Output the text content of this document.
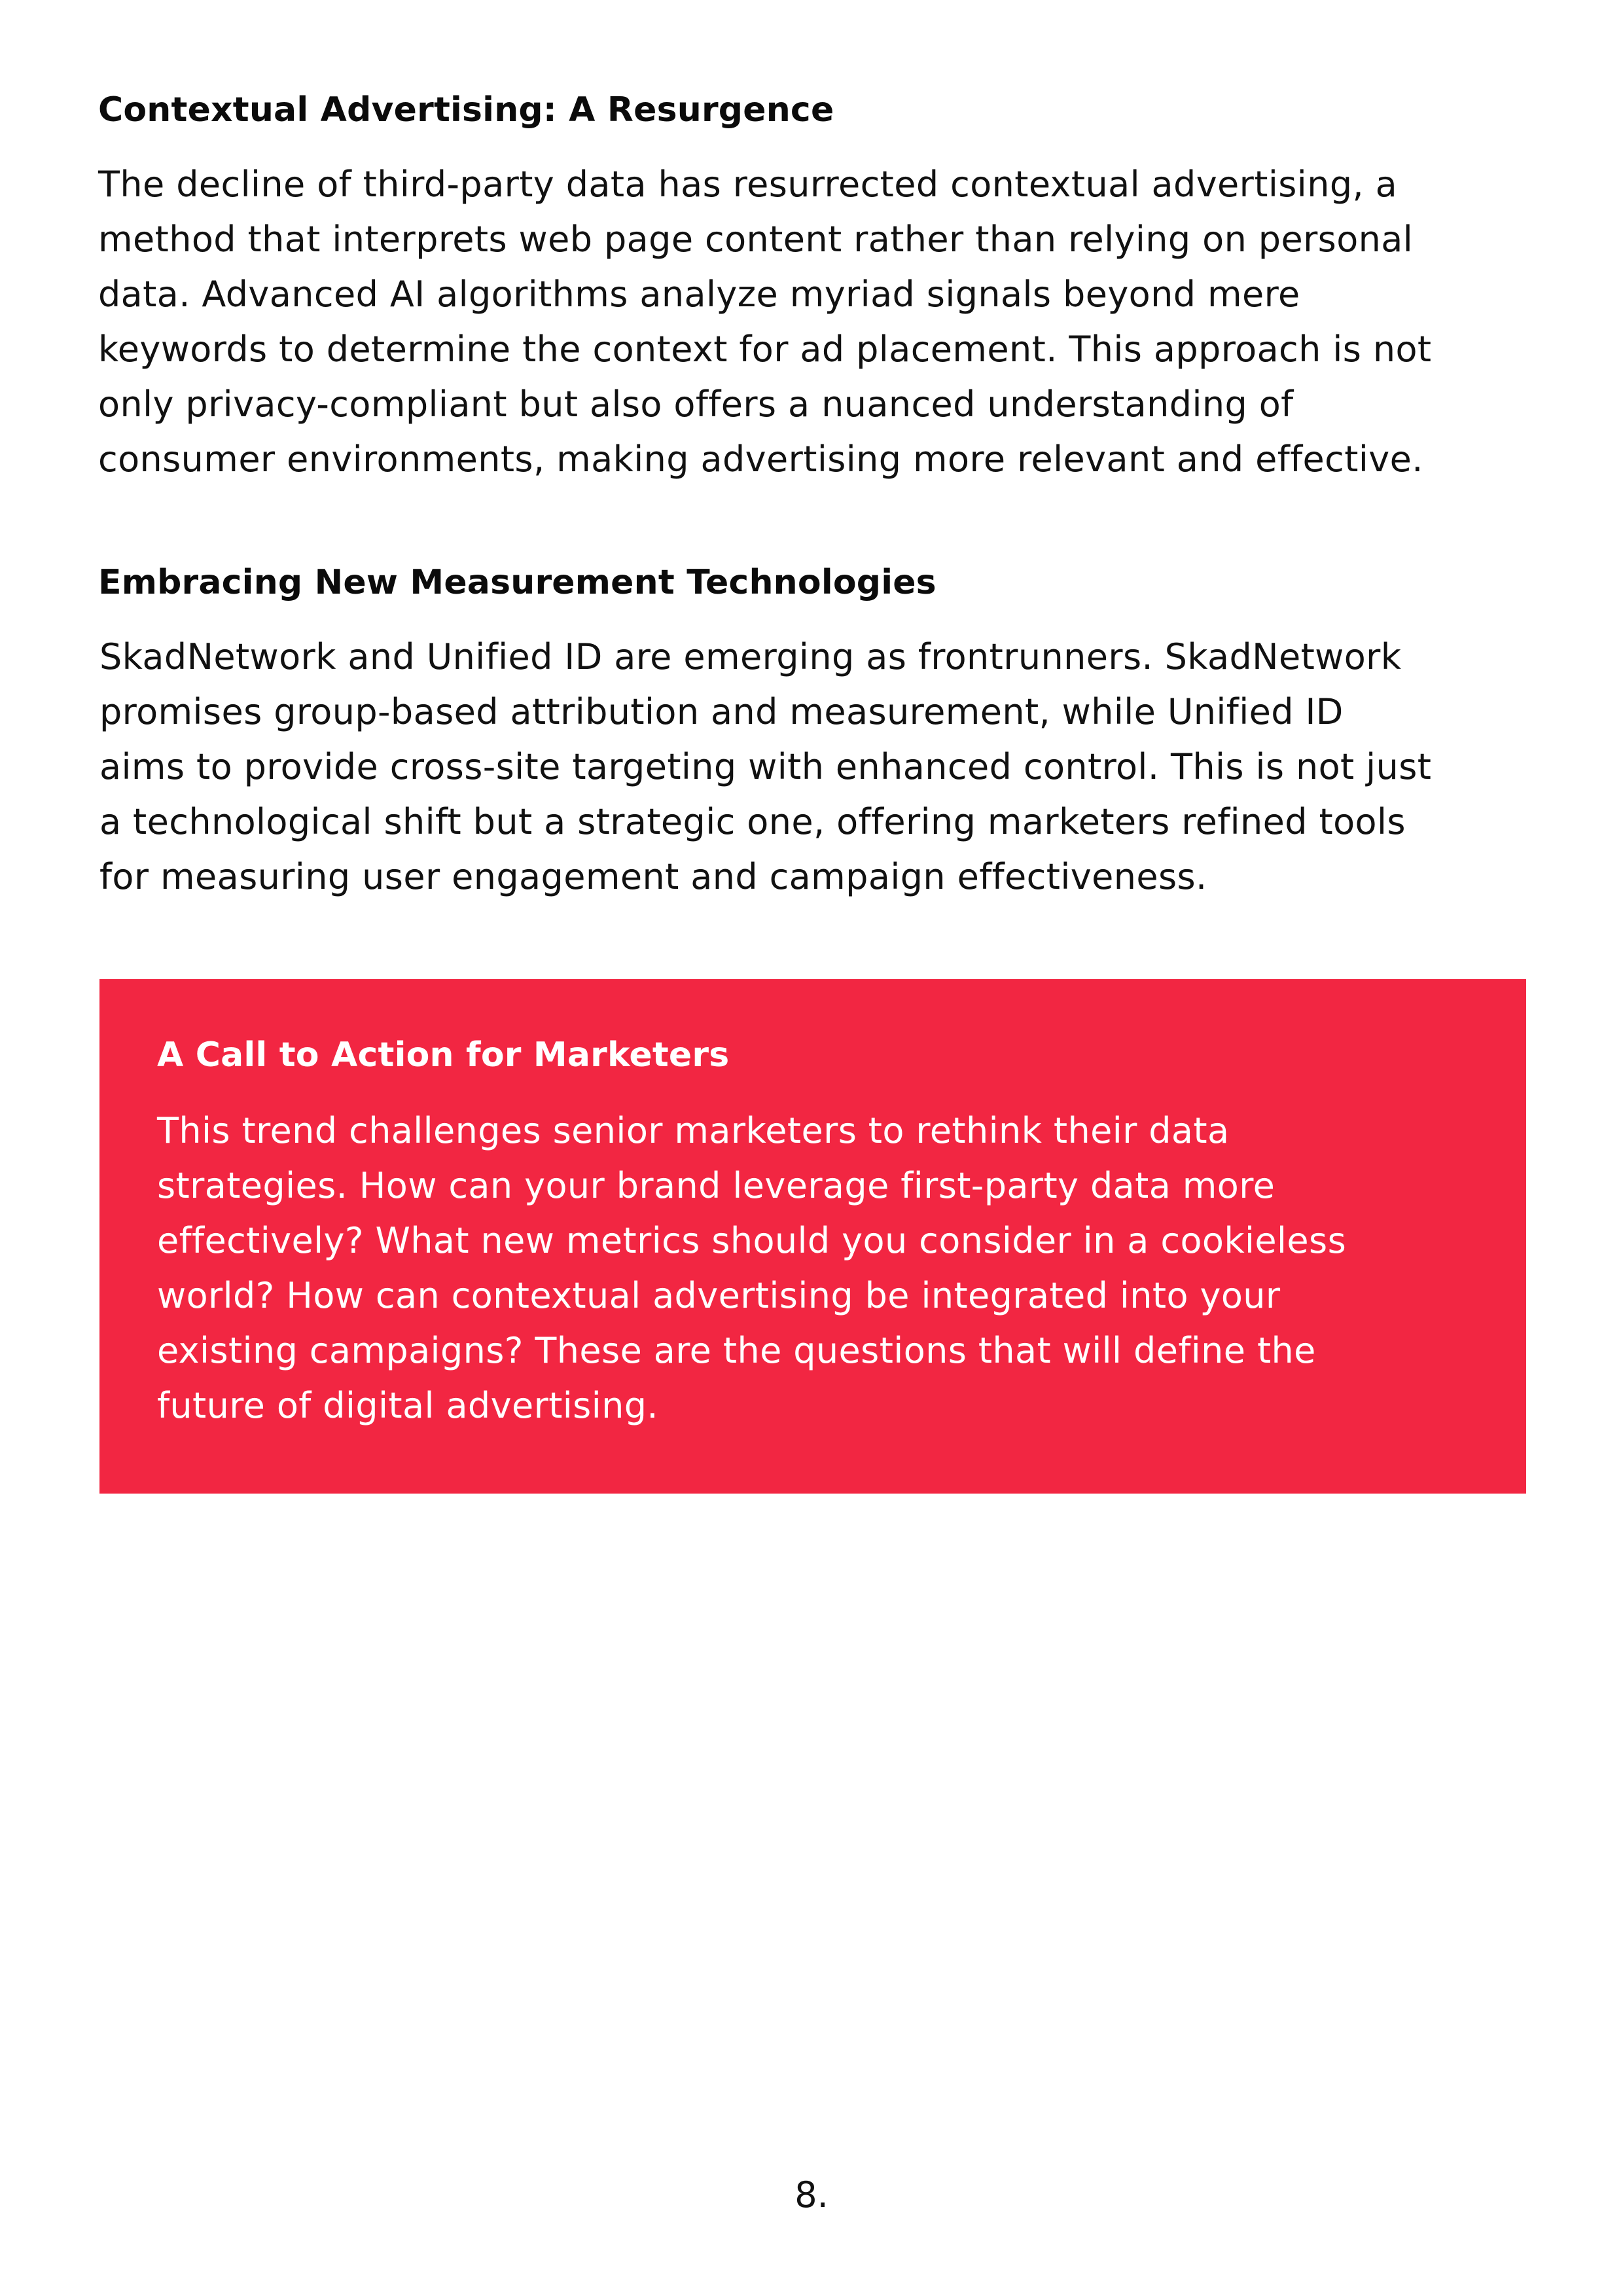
Contextual Advertising: A Resurgence
The decline of third-party data has resurrected contextual advertising, a
method that interprets web page content rather than relying on personal
data. Advanced AI algorithms analyze myriad signals beyond mere
keywords to determine the context for ad placement. This approach is not
only privacy-compliant but also offers a nuanced understanding of
consumer environments, making advertising more relevant and effective.
Embracing New Measurement Technologies
SkadNetwork and Unified ID are emerging as frontrunners. SkadNetwork
promises group-based attribution and measurement, while Unified ID
aims to provide cross-site targeting with enhanced control. This is not just
a technological shift but a strategic one, offering marketers refined tools
for measuring user engagement and campaign effectiveness.
A Call to Action for Marketers
This trend challenges senior marketers to rethink their data
strategies. How can your brand leverage first-party data more
effectively? What new metrics should you consider in a cookieless
world? How can contextual advertising be integrated into your
existing campaigns? These are the questions that will define the
future of digital advertising.
8.
